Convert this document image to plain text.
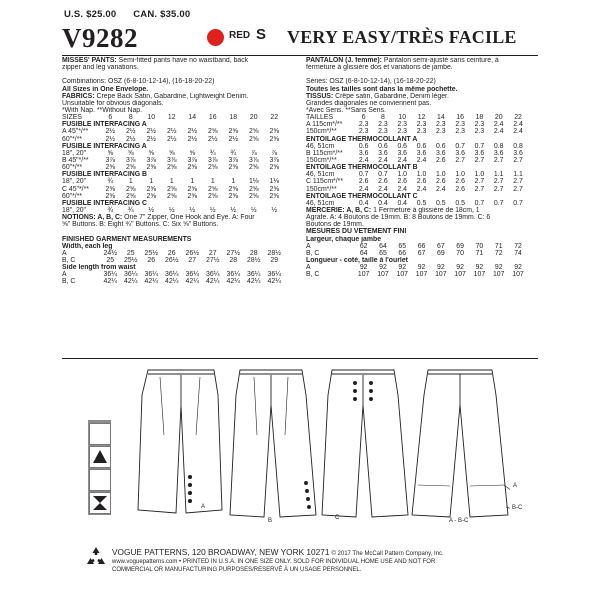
U.S. $25.00 CAN. $35.00
V9282	RED S VERY EASY/TRÈS FACILE
MISSES' PANTS: Semi-fitted pants have no waistband, back
zipper and leg variations.
Combinations: OSZ (6-8-10-12-14), (16-18-20-22)
All Sizes in One Envelope.
FABRICS: Crepe Back Satin, Gabardine, Lightweight Denim.
Unsuitable for obvious diagonals.
*With Nap. **Without Nap.
SIZES	6	8	10	12	14	16	18	20	22
FUSIBLE INTERFACING A
A 45"*/**	2½	2½	2½	2½	2½	2⅝	2⅝	2⅝	2⅝
60"*/**	2½	2½	2½	2½	2½	2½	2½	2⅝	2⅝
FUSIBLE INTERFACING A
18", 20"	⅝	⅝	⅝	⅝	⅝	¾	¾	⅞	⅞
B 45"*/**	3⅞	3⅞	3⅞	3⅞	3⅞	3⅞	3⅞	3⅞	3⅞
60"*/**	2⅝	2⅝	2⅝	2⅝	2⅝	2⅝	2⅝	2⅝	2⅝
FUSIBLE INTERFACING B
18", 20"	¾	1	1	1	1	1	1	1⅛	1⅛
C 45"*/**	2⅝	2⅝	2⅝	2⅝	2⅝	2⅝	2⅝	2⅝	2⅝
60"*/**	2⅝	2⅝	2⅝	2⅝	2⅝	2⅝	2⅝	2⅝	2⅝
FUSIBLE INTERFACING C
18", 20"	¾	¾	½	½	½	½	½	½	½
NOTIONS: A, B, C: One 7" Zipper, One Hook and Eye. A: Four
⅝" Buttons. B: Eight ¾" Buttons. C: Six ⅝" Buttons.
FINISHED GARMENT MEASUREMENTS
Width, each leg
A	24½	25	25½	26	26½	27	27½	28	28½
B, C	25	25½	26	26½	27	27½	28	28½	29
Side length from waist
A	36¼	36¼	36¼	36¼	36¼	36¼	36¼	36¼	36¼
B, C	42¼	42¼	42¼	42¼	42¼	42¼	42¼	42¼	42¼
PANTALON (J. femme): Pantalon semi-ajusté sans ceinture, à
fermeture à glissière dos et variations de jambe.
Séries: OSZ (6-8-10-12-14), (16-18-20-22)
Toutes les tailles sont dans la même pochette.
TISSUS: Crêpe satin, Gabardine, Denim léger.
Grandes diagonales ne conviennent pas.
*Avec Sens. **Sans Sens.
TAILLES	6	8	10	12	14	16	18	20	22
A 115cm*/**	2.3	2.3	2.3	2.3	2.3	2.3	2.3	2.4	2.4
150cm*/**	2.3	2.3	2.3	2.3	2.3	2.3	2.3	2.4	2.4
ENTOILAGE THERMOCOLLANT A
46, 51cm	0.6	0.6	0.6	0.6	0.6	0.7	0.7	0.8	0.8
B 115cm*/**	3.6	3.6	3.6	3.6	3.6	3.6	3.6	3.6	3.6
150cm*/**	2.4	2.4	2.4	2.4	2.6	2.7	2.7	2.7	2.7
ENTOILAGE THERMOCOLLANT B
46, 51cm	0.7	0.7	1.0	1.0	1.0	1.0	1.0	1.1	1.1
C 115cm*/**	2.6	2.6	2.6	2.6	2.6	2.6	2.7	2.7	2.7
150cm*/**	2.4	2.4	2.4	2.4	2.4	2.6	2.7	2.7	2.7
ENTOILAGE THERMOCOLLANT C
46, 51cm	0.4	0.4	0.4	0.5	0.5	0.5	0.7	0.7	0.7
MERCERIE: A, B, C: 1 Fermeture à glissière de 18cm, 1
Agrafe. A: 4 Boutons de 19mm. B: 8 Boutons de 19mm. C: 6
Boutons de 19mm.
MESURES DU VÊTEMENT FINI
Largeur, chaque jambe
A	62	64	65	66	67	69	70	71	72
B, C	64	65	66	67	69	70	71	72	74
Longueur - coté, taille à l'ourlet
A	92	92	92	92	92	92	92	92	92
B, C	107	107	107	107	107	107	107	107	107
A
B	C
A
B-C
A - B-C
VOGUE PATTERNS, 120 BROADWAY, NEW YORK 10271 © 2017 The McCall Pattern Company, Inc.
www.voguepatterns.com • PRINTED IN U.S.A. IN ONE SIZE ONLY. SOLD FOR INDIVIDUAL HOME USE AND NOT FOR
COMMERCIAL OR MANUFACTURING PURPOSES/RESERVÉ À UN USAGE PERSONNEL.
